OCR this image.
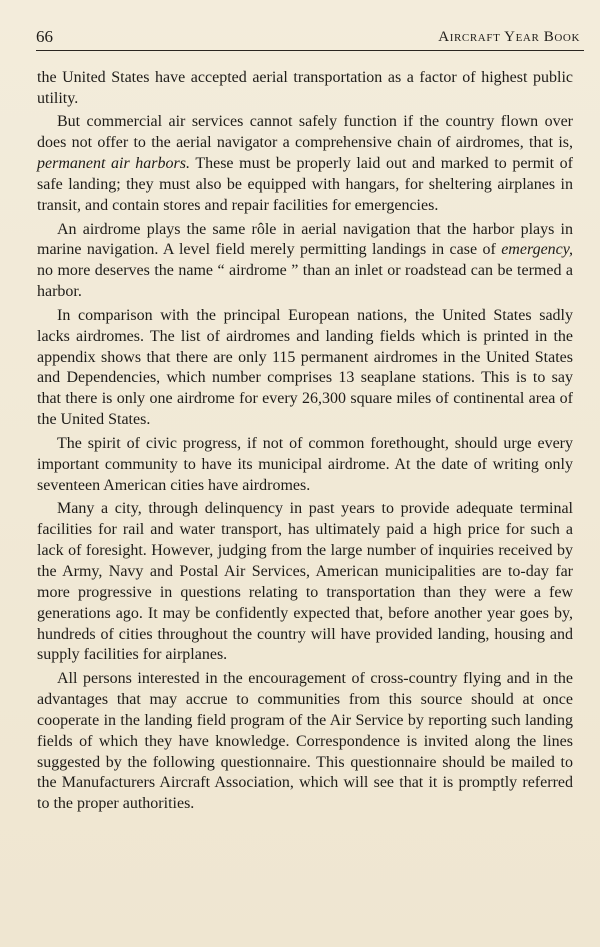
66	Aircraft Year Book

the United States have accepted aerial transportation as a factor of highest public utility.

But commercial air services cannot safely function if the country flown over does not offer to the aerial navigator a comprehensive chain of airdromes, that is, permanent air harbors. These must be properly laid out and marked to permit of safe landing; they must also be equipped with hangars, for sheltering airplanes in transit, and contain stores and repair facilities for emergencies.

An airdrome plays the same rôle in aerial navigation that the harbor plays in marine navigation. A level field merely permitting landings in case of emergency, no more deserves the name “ airdrome ” than an inlet or roadstead can be termed a harbor.

In comparison with the principal European nations, the United States sadly lacks airdromes. The list of airdromes and landing fields which is printed in the appendix shows that there are only 115 permanent airdromes in the United States and Dependencies, which number comprises 13 seaplane stations. This is to say that there is only one airdrome for every 26,300 square miles of continental area of the United States.

The spirit of civic progress, if not of common forethought, should urge every important community to have its municipal airdrome. At the date of writing only seventeen American cities have airdromes.

Many a city, through delinquency in past years to provide adequate terminal facilities for rail and water transport, has ultimately paid a high price for such a lack of foresight. However, judging from the large number of inquiries received by the Army, Navy and Postal Air Services, American municipalities are to-day far more progressive in questions relating to transportation than they were a few generations ago. It may be confidently expected that, before another year goes by, hundreds of cities throughout the country will have provided landing, housing and supply facilities for airplanes.

All persons interested in the encouragement of cross-country flying and in the advantages that may accrue to communities from this source should at once cooperate in the landing field program of the Air Service by reporting such landing fields of which they have knowledge. Correspondence is invited along the lines suggested by the following questionnaire. This questionnaire should be mailed to the Manufacturers Aircraft Association, which will see that it is promptly referred to the proper authorities.
